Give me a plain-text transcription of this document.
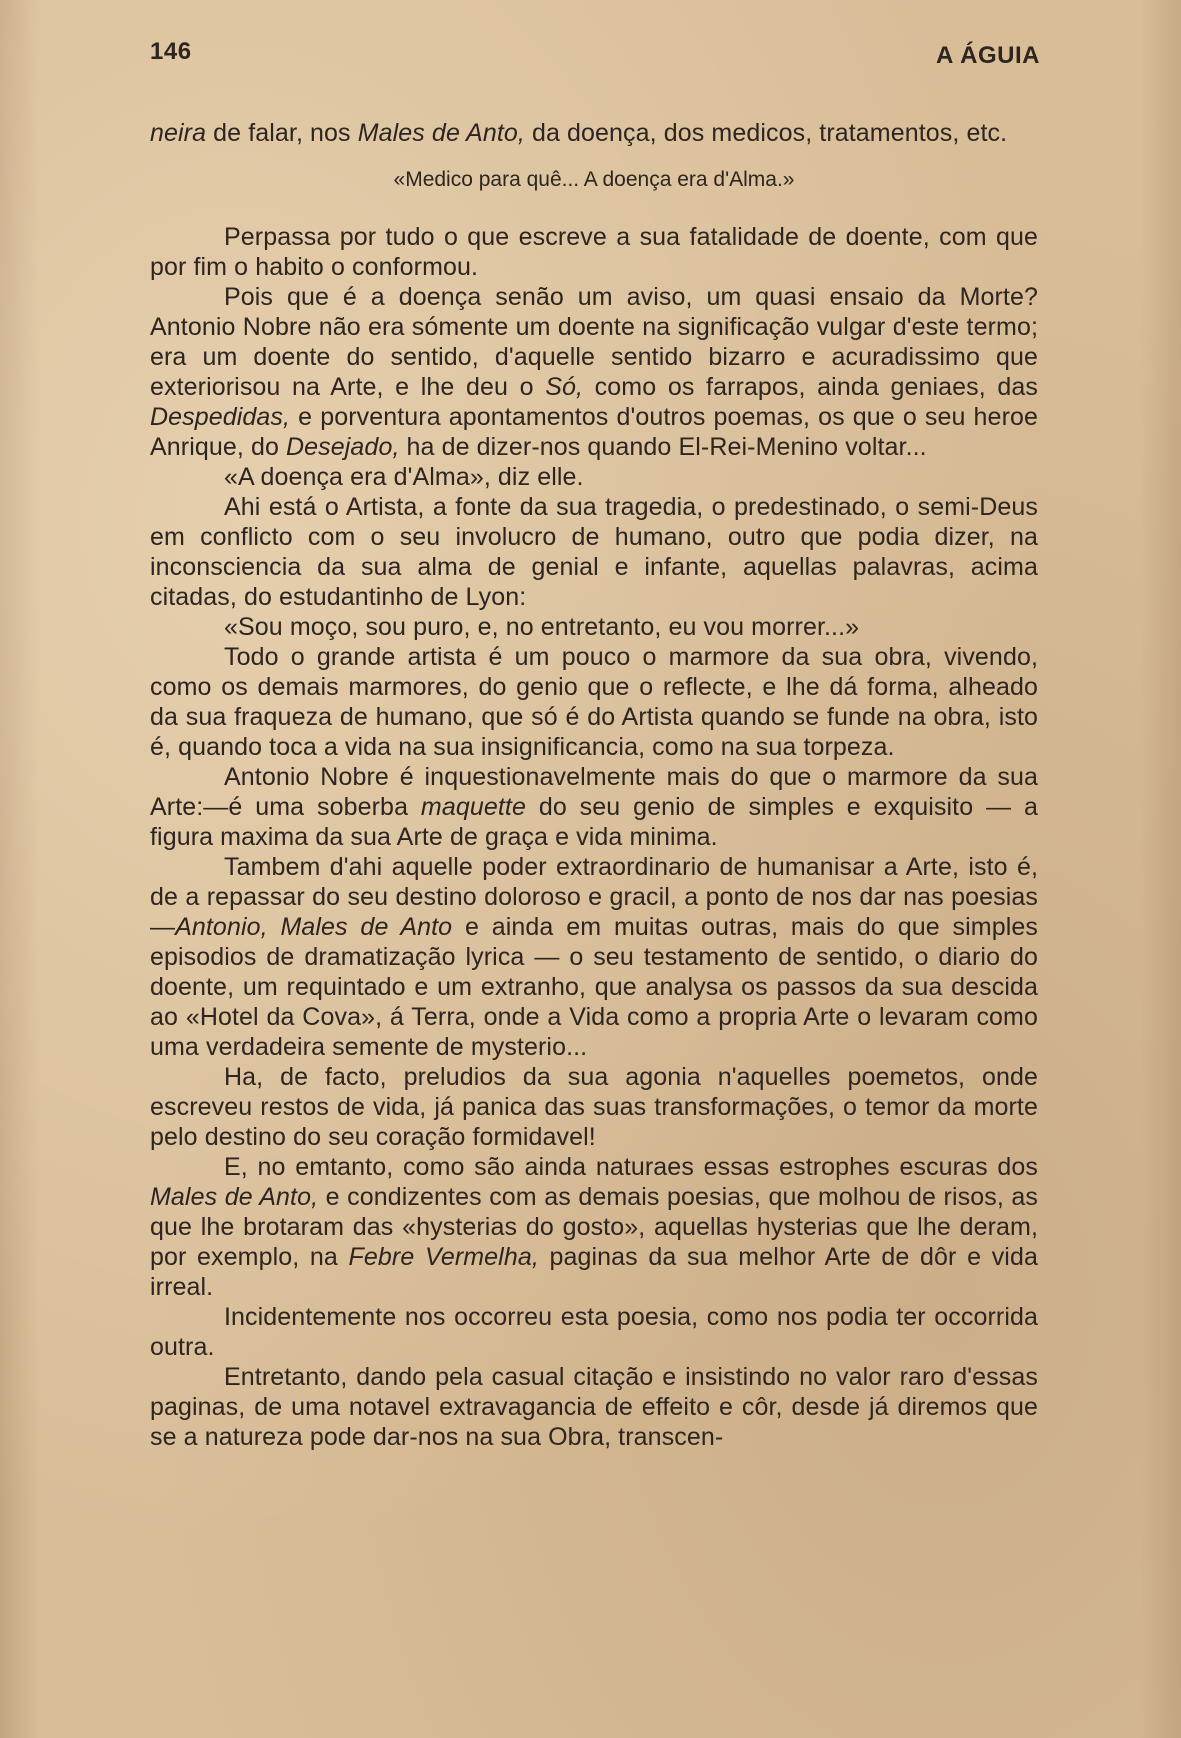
146	A ÁGUIA

neira de falar, nos Males de Anto, da doença, dos medicos, tratamentos, etc.

«Medico para quê... A doença era d'Alma.»

Perpassa por tudo o que escreve a sua fatalidade de doente, com que por fim o habito o conformou.

Pois que é a doença senão um aviso, um quasi ensaio da Morte? Antonio Nobre não era sómente um doente na significação vulgar d'este termo; era um doente do sentido, d'aquelle sentido bizarro e acuradissimo que exteriorisou na Arte, e lhe deu o Só, como os farrapos, ainda geniaes, das Despedidas, e porventura apontamentos d'outros poemas, os que o seu heroe Anrique, do Desejado, ha de dizer-nos quando El-Rei-Menino voltar...

«A doença era d'Alma», diz elle.

Ahi está o Artista, a fonte da sua tragedia, o predestinado, o semi-Deus em conflicto com o seu involucro de humano, outro que podia dizer, na inconsciencia da sua alma de genial e infante, aquellas palavras, acima citadas, do estudantinho de Lyon:

«Sou moço, sou puro, e, no entretanto, eu vou morrer...»

Todo o grande artista é um pouco o marmore da sua obra, vivendo, como os demais marmores, do genio que o reflecte, e lhe dá forma, alheado da sua fraqueza de humano, que só é do Artista quando se funde na obra, isto é, quando toca a vida na sua insignificancia, como na sua torpeza.

Antonio Nobre é inquestionavelmente mais do que o marmore da sua Arte:—é uma soberba maquette do seu genio de simples e exquisito — a figura maxima da sua Arte de graça e vida minima.

Tambem d'ahi aquelle poder extraordinario de humanisar a Arte, isto é, de a repassar do seu destino doloroso e gracil, a ponto de nos dar nas poesias—Antonio, Males de Anto e ainda em muitas outras, mais do que simples episodios de dramatização lyrica — o seu testamento de sentido, o diario do doente, um requintado e um extranho, que analysa os passos da sua descida ao «Hotel da Cova», á Terra, onde a Vida como a propria Arte o levaram como uma verdadeira semente de mysterio...

Ha, de facto, preludios da sua agonia n'aquelles poemetos, onde escreveu restos de vida, já panica das suas transformações, o temor da morte pelo destino do seu coração formidavel!

E, no emtanto, como são ainda naturaes essas estrophes escuras dos Males de Anto, e condizentes com as demais poesias, que molhou de risos, as que lhe brotaram das «hysterias do gosto», aquellas hysterias que lhe deram, por exemplo, na Febre Vermelha, paginas da sua melhor Arte de dôr e vida irreal.

Incidentemente nos occorreu esta poesia, como nos podia ter occorrida outra.

Entretanto, dando pela casual citação e insistindo no valor raro d'essas paginas, de uma notavel extravagancia de effeito e côr, desde já diremos que se a natureza pode dar-nos na sua Obra, transcen-
